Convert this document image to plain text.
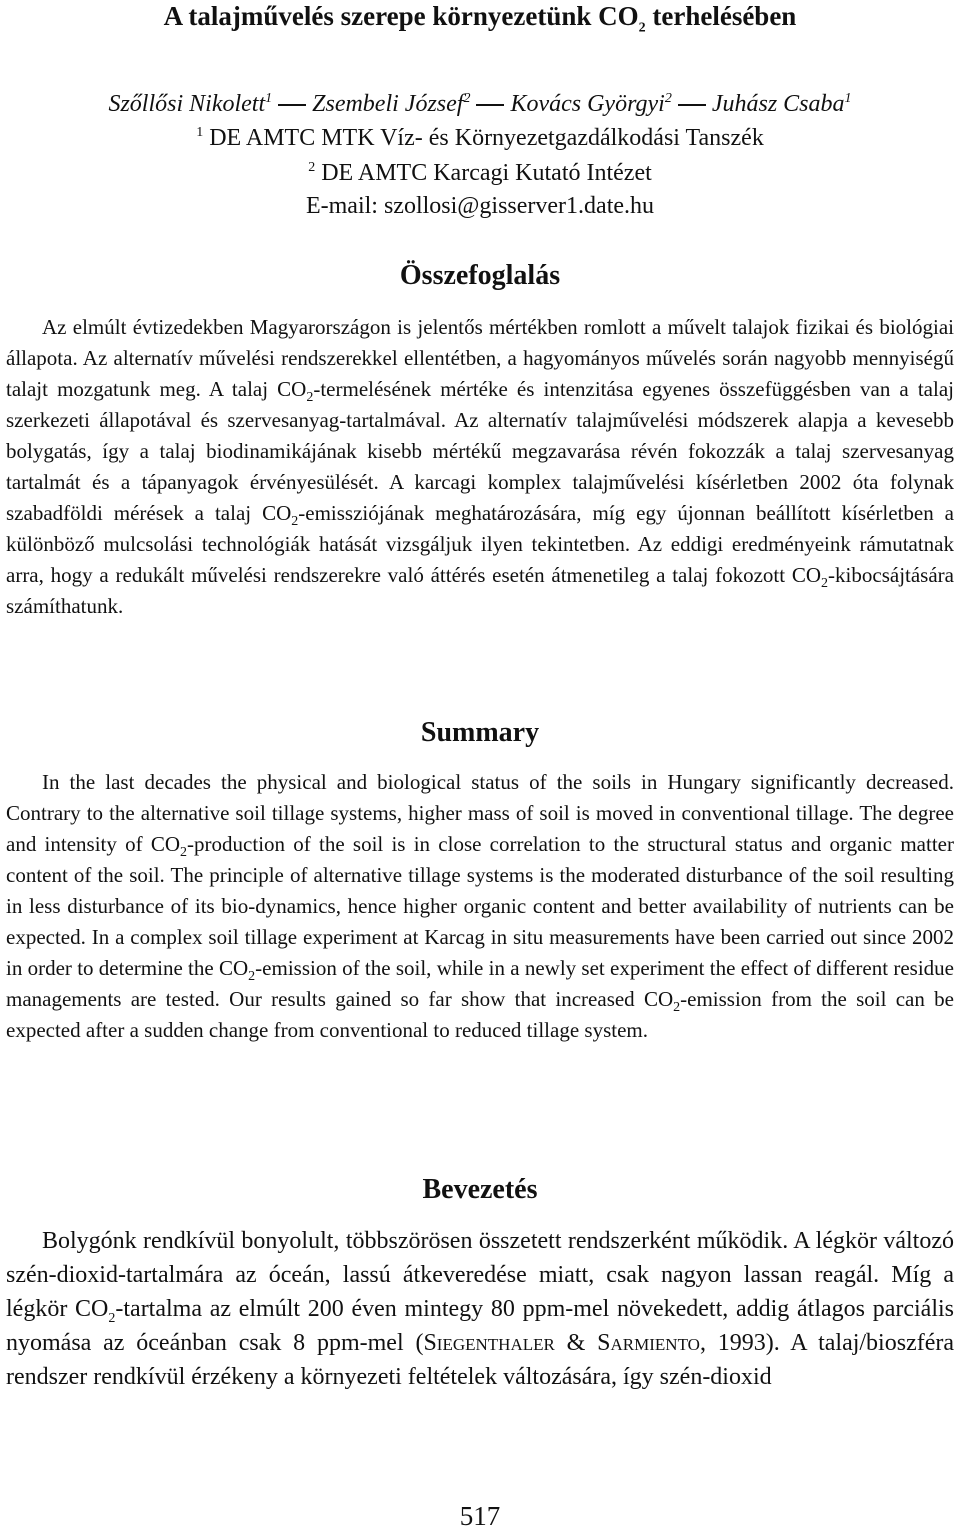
A talajművelés szerepe környezetünk $CO_2$ terhelésében
Szőllősi Nikolett$^1$ Zsembeli József$^2$ Kovács Györgyi$^2$ Juhász Csaba$^1$
$^1$ DE AMTC MTK Víz- és Környezetgazdálkodási Tanszék
$^2$ DE AMTC Karcagi Kutató Intézet
E-mail: szollosi@gisserver1.date.hu
Összefoglalás
Az elmúlt évtizedekben Magyarországon is jelentős mértékben romlott a művelt talajok fizikai és biológiai állapota. Az alternatív művelési rendszerekkel ellentétben, a hagyományos művelés során nagyobb mennyiségű talajt mozgatunk meg. A talaj $CO_2$-termelésének mértéke és intenzitása egyenes összefüggésben van a talaj szerkezeti állapotával és szervesanyag-tartalmával. Az alternatív talajművelési módszerek alapja a kevesebb bolygatás, így a talaj biodinamikájának kisebb mértékű megzavarása révén fokozzák a talaj szervesanyag tartalmát és a tápanyagok érvényesülését. A karcagi komplex talajművelési kísérletben 2002 óta folynak szabadföldi mérések a talaj $CO_2$-emissziójának meghatározására, míg egy újonnan beállított kísérletben a különböző mulcsolási technológiák hatását vizsgáljuk ilyen tekintetben. Az eddigi eredményeink rámutatnak arra, hogy a redukált művelési rendszerekre való áttérés esetén átmenetileg a talaj fokozott $CO_2$-kibocsájtására számíthatunk.
Summary
In the last decades the physical and biological status of the soils in Hungary significantly decreased. Contrary to the alternative soil tillage systems, higher mass of soil is moved in conventional tillage. The degree and intensity of $CO_2$-production of the soil is in close correlation to the structural status and organic matter content of the soil. The principle of alternative tillage systems is the moderated disturbance of the soil resulting in less disturbance of its bio-dynamics, hence higher organic content and better availability of nutrients can be expected. In a complex soil tillage experiment at Karcag in situ measurements have been carried out since 2002 in order to determine the $CO_2$-emission of the soil, while in a newly set experiment the effect of different residue managements are tested. Our results gained so far show that increased $CO_2$-emission from the soil can be expected after a sudden change from conventional to reduced tillage system.
Bevezetés
Bolygónk rendkívül bonyolult, többszörösen összetett rendszerként működik. A légkör változó szén-dioxid-tartalmára az óceán, lassú átkeveredése miatt, csak nagyon lassan reagál. Míg a légkör $CO_2$-tartalma az elmúlt 200 éven mintegy 80 ppm-mel növekedett, addig átlagos parciális nyomása az óceánban csak 8 ppm-mel (Siegenthaler & Sarmiento, 1993). A talaj/bioszféra rendszer rendkívül érzékeny a környezeti feltételek változására, így szén-dioxid
517
